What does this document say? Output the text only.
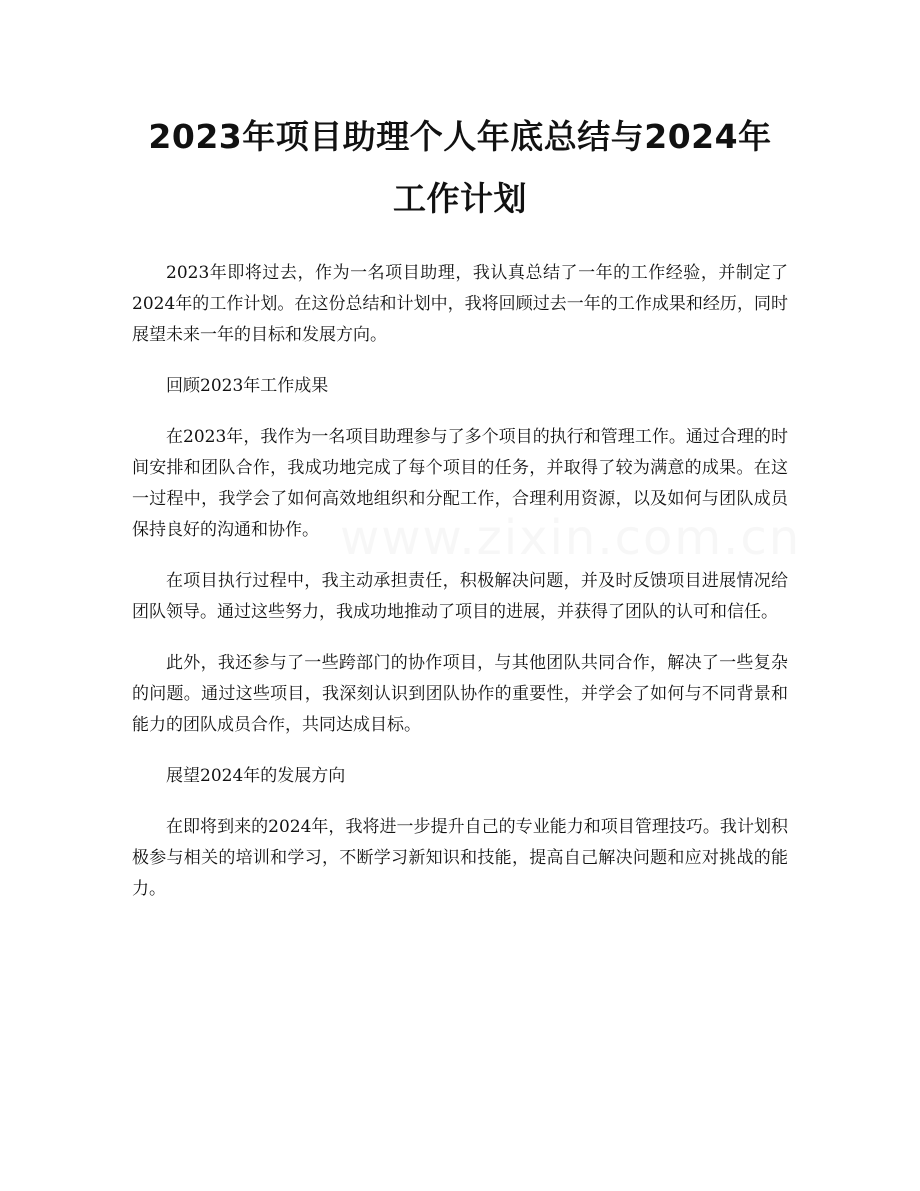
2023年项目助理个人年底总结与2024年工作计划

2023年即将过去，作为一名项目助理，我认真总结了一年的工作经验，并制定了2024年的工作计划。在这份总结和计划中，我将回顾过去一年的工作成果和经历，同时展望未来一年的目标和发展方向。

回顾2023年工作成果

在2023年，我作为一名项目助理参与了多个项目的执行和管理工作。通过合理的时间安排和团队合作，我成功地完成了每个项目的任务，并取得了较为满意的成果。在这一过程中，我学会了如何高效地组织和分配工作，合理利用资源，以及如何与团队成员保持良好的沟通和协作。

在项目执行过程中，我主动承担责任，积极解决问题，并及时反馈项目进展情况给团队领导。通过这些努力，我成功地推动了项目的进展，并获得了团队的认可和信任。

此外，我还参与了一些跨部门的协作项目，与其他团队共同合作，解决了一些复杂的问题。通过这些项目，我深刻认识到团队协作的重要性，并学会了如何与不同背景和能力的团队成员合作，共同达成目标。

展望2024年的发展方向

在即将到来的2024年，我将进一步提升自己的专业能力和项目管理技巧。我计划积极参与相关的培训和学习，不断学习新知识和技能，提高自己解决问题和应对挑战的能力。

www.zixin.com.cn
